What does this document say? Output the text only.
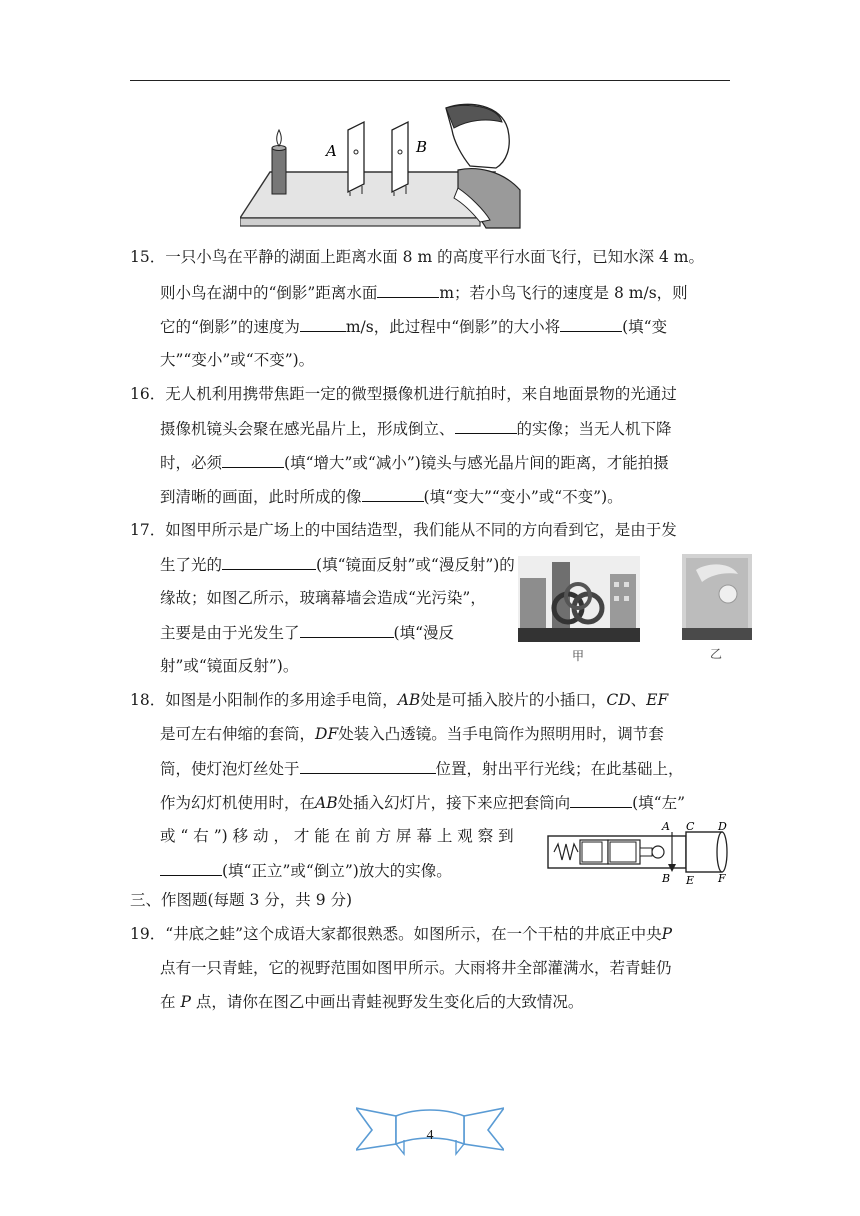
A	B
15．一只小鸟在平静的湖面上距离水面 8 m 的高度平行水面飞行，已知水深 4 m。
则小鸟在湖中的“倒影”距离水面	m；若小鸟飞行的速度是 8 m/s，则
它的“倒影”的速度为	m/s，此过程中“倒影”的大小将	(填“变
大”“变小”或“不变”)。
16．无人机利用携带焦距一定的微型摄像机进行航拍时，来自地面景物的光通过
摄像机镜头会聚在感光晶片上，形成倒立、	的实像；当无人机下降
时，必须	(填“增大”或“减小”)镜头与感光晶片间的距离，才能拍摄
到清晰的画面，此时所成的像	(填“变大”“变小”或“不变”)。
17．如图甲所示是广场上的中国结造型，我们能从不同的方向看到它，是由于发
生了光的	(填“镜面反射”或“漫反射”)的
缘故；如图乙所示，玻璃幕墙会造成“光污染”，
主要是由于光发生了	(填“漫反
射”或“镜面反射”)。
甲	乙
18．如图是小阳制作的多用途手电筒，AB处是可插入胶片的小插口，CD、EF
是可左右伸缩的套筒，DF处装入凸透镜。当手电筒作为照明用时，调节套
筒，使灯泡灯丝处于	位置，射出平行光线；在此基础上，
作为幻灯机使用时，在AB处插入幻灯片，接下来应把套筒向	(填“左”
或 “ 右 ”) 移 动 ， 才 能 在 前 方 屏 幕 上 观 察 到
(填“正立”或“倒立”)放大的实像。
A C D
B E F
三、作图题(每题 3 分，共 9 分)
19．“井底之蛙”这个成语大家都很熟悉。如图所示，在一个干枯的井底正中央P
点有一只青蛙，它的视野范围如图甲所示。大雨将井全部灌满水，若青蛙仍
在 P 点，请你在图乙中画出青蛙视野发生变化后的大致情况。
4
